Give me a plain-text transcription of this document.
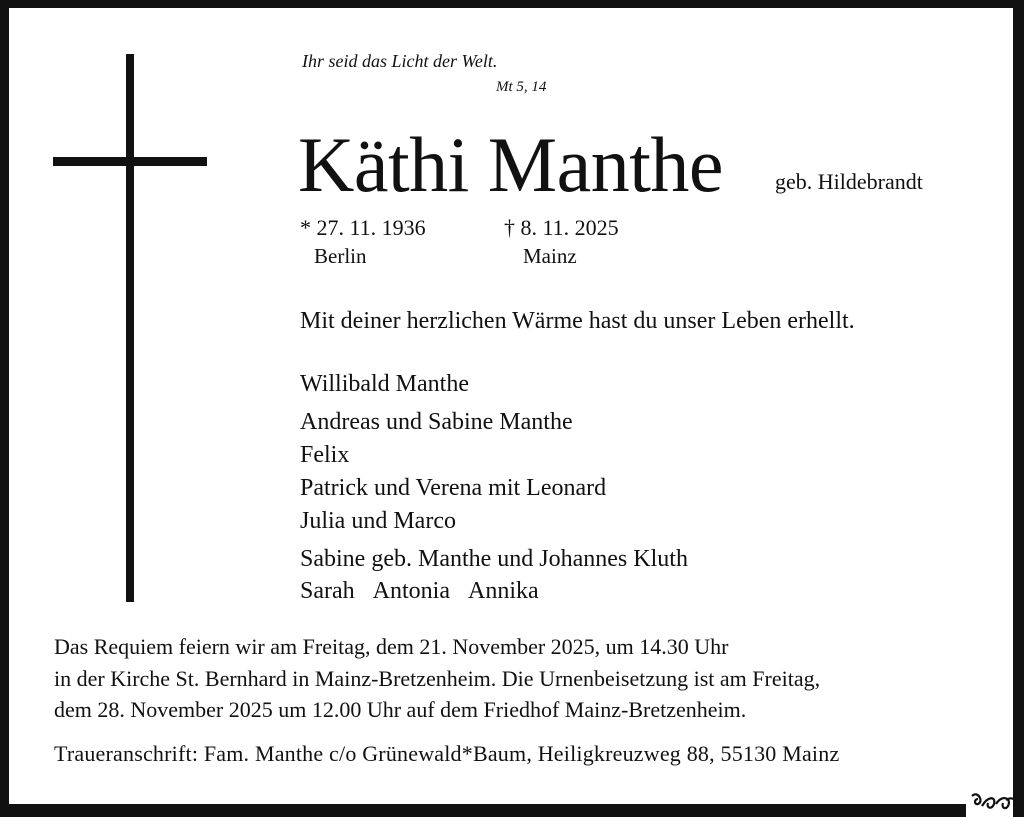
Ihr seid das Licht der Welt.
Mt 5, 14
Käthi Manthe geb. Hildebrandt
* 27. 11. 1936
Berlin
† 8. 11. 2025
Mainz
Mit deiner herzlichen Wärme hast du unser Leben erhellt.
Willibald Manthe
Andreas und Sabine Manthe
Felix
Patrick und Verena mit Leonard
Julia und Marco
Sabine geb. Manthe und Johannes Kluth
Sarah Antonia Annika
Das Requiem feiern wir am Freitag, dem 21. November 2025, um 14.30 Uhr
in der Kirche St. Bernhard in Mainz-Bretzenheim. Die Urnenbeisetzung ist am Freitag,
dem 28. November 2025 um 12.00 Uhr auf dem Friedhof Mainz-Bretzenheim.
Traueranschrift: Fam. Manthe c/o Grünewald*Baum, Heiligkreuzweg 88, 55130 Mainz
